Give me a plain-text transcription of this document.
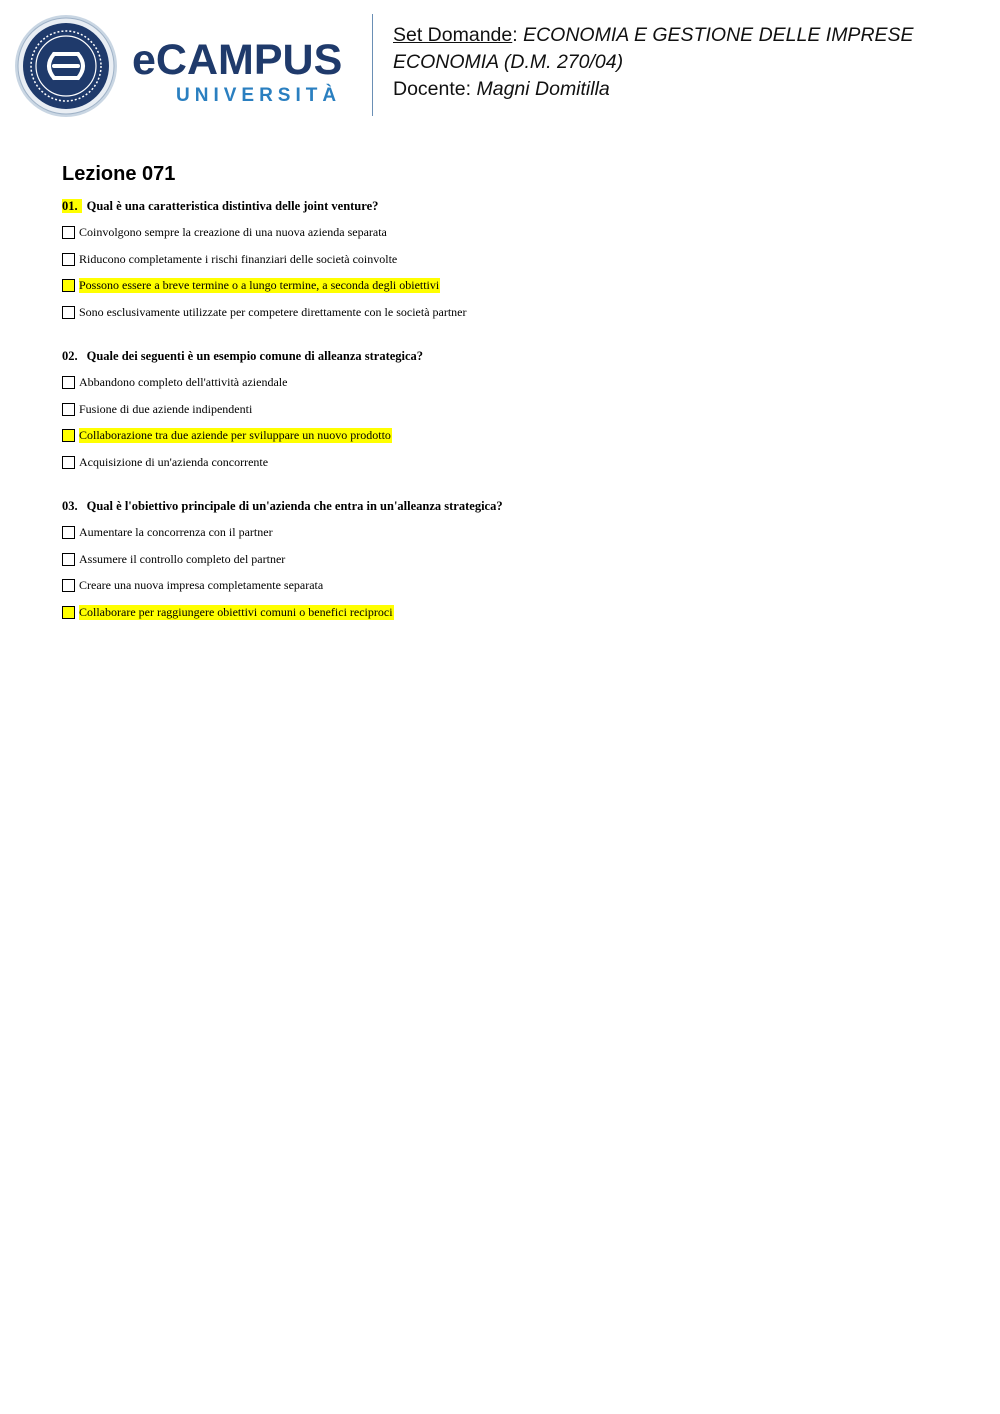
eCAMPUS
UNIVERSITÀ
Set Domande: ECONOMIA E GESTIONE DELLE IMPRESE
ECONOMIA (D.M. 270/04)
Docente: Magni Domitilla
Lezione 071
01. Qual è una caratteristica distintiva delle joint venture?
Coinvolgono sempre la creazione di una nuova azienda separata
Riducono completamente i rischi finanziari delle società coinvolte
Possono essere a breve termine o a lungo termine, a seconda degli obiettivi
Sono esclusivamente utilizzate per competere direttamente con le società partner
02. Quale dei seguenti è un esempio comune di alleanza strategica?
Abbandono completo dell'attività aziendale
Fusione di due aziende indipendenti
Collaborazione tra due aziende per sviluppare un nuovo prodotto
Acquisizione di un'azienda concorrente
03. Qual è l'obiettivo principale di un'azienda che entra in un'alleanza strategica?
Aumentare la concorrenza con il partner
Assumere il controllo completo del partner
Creare una nuova impresa completamente separata
Collaborare per raggiungere obiettivi comuni o benefici reciproci
